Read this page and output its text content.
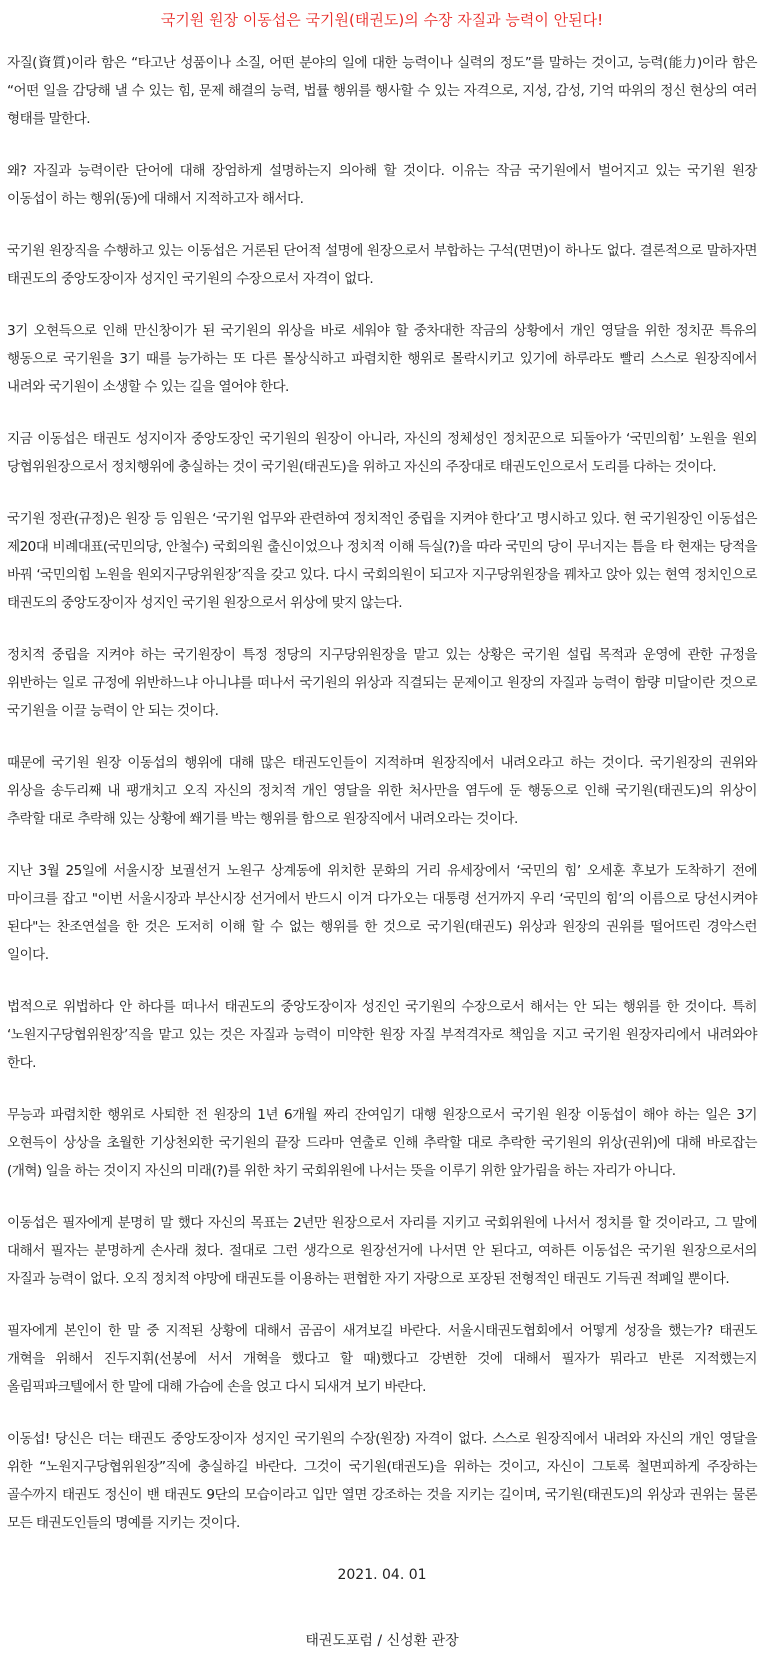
국기원 원장 이동섭은 국기원(태권도)의 수장 자질과 능력이 안된다!

자질(資質)이라 함은 “타고난 성품이나 소질, 어떤 분야의 일에 대한 능력이나 실력의 정도”를 말하는 것이고, 능력(能力)이라 함은 “어떤 일을 감당해 낼 수 있는 힘, 문제 해결의 능력, 법률 행위를 행사할 수 있는 자격으로, 지성, 감성, 기억 따위의 정신 현상의 여러 형태를 말한다.

왜? 자질과 능력이란 단어에 대해 장엄하게 설명하는지 의아해 할 것이다. 이유는 작금 국기원에서 벌어지고 있는 국기원 원장 이동섭이 하는 행위(동)에 대해서 지적하고자 해서다.

국기원 원장직을 수행하고 있는 이동섭은 거론된 단어적 설명에 원장으로서 부합하는 구석(면면)이 하나도 없다. 결론적으로 말하자면 태권도의 중앙도장이자 성지인 국기원의 수장으로서 자격이 없다.

3기 오현득으로 인해 만신창이가 된 국기원의 위상을 바로 세워야 할 중차대한 작금의 상황에서 개인 영달을 위한 정치꾼 특유의 행동으로 국기원을 3기 때를 능가하는 또 다른 몰상식하고 파렴치한 행위로 몰락시키고 있기에 하루라도 빨리 스스로 원장직에서 내려와 국기원이 소생할 수 있는 길을 열어야 한다.

지금 이동섭은 태권도 성지이자 중앙도장인 국기원의 원장이 아니라, 자신의 정체성인 정치꾼으로 되돌아가 ‘국민의힘’ 노원을 원외 당협위원장으로서 정치행위에 충실하는 것이 국기원(태권도)을 위하고 자신의 주장대로 태권도인으로서 도리를 다하는 것이다.

국기원 정관(규정)은 원장 등 임원은 ‘국기원 업무와 관련하여 정치적인 중립을 지켜야 한다’고 명시하고 있다. 현 국기원장인 이동섭은 제20대 비례대표(국민의당, 안철수) 국회의원 출신이었으나 정치적 이해 득실(?)을 따라 국민의 당이 무너지는 틈을 타 현재는 당적을 바꿔 ‘국민의힘 노원을 원외지구당위원장’직을 갖고 있다. 다시 국회의원이 되고자 지구당위원장을 꿰차고 앉아 있는 현역 정치인으로 태권도의 중앙도장이자 성지인 국기원 원장으로서 위상에 맞지 않는다.

정치적 중립을 지켜야 하는 국기원장이 특정 정당의 지구당위원장을 맡고 있는 상황은 국기원 설립 목적과 운영에 관한 규정을 위반하는 일로 규정에 위반하느냐 아니냐를 떠나서 국기원의 위상과 직결되는 문제이고 원장의 자질과 능력이 함량 미달이란 것으로 국기원을 이끌 능력이 안 되는 것이다.

때문에 국기원 원장 이동섭의 행위에 대해 많은 태권도인들이 지적하며 원장직에서 내려오라고 하는 것이다. 국기원장의 권위와 위상을 송두리째 내 팽개치고 오직 자신의 정치적 개인 영달을 위한 처사만을 염두에 둔 행동으로 인해 국기원(태권도)의 위상이 추락할 대로 추락해 있는 상황에 쐐기를 박는 행위를 함으로 원장직에서 내려오라는 것이다.

지난 3월 25일에 서울시장 보궐선거 노원구 상계동에 위치한 문화의 거리 유세장에서 ‘국민의 힘’ 오세훈 후보가 도착하기 전에 마이크를 잡고 "이번 서울시장과 부산시장 선거에서 반드시 이겨 다가오는 대통령 선거까지 우리 ‘국민의 힘’의 이름으로 당선시켜야 된다"는 찬조연설을 한 것은 도저히 이해 할 수 없는 행위를 한 것으로 국기원(태권도) 위상과 원장의 권위를 떨어뜨린 경악스런 일이다.

법적으로 위법하다 안 하다를 떠나서 태권도의 중앙도장이자 성진인 국기원의 수장으로서 해서는 안 되는 행위를 한 것이다. 특히 ‘노원지구당협위원장’직을 맡고 있는 것은 자질과 능력이 미약한 원장 자질 부적격자로 책임을 지고 국기원 원장자리에서 내려와야 한다.

무능과 파렴치한 행위로 사퇴한 전 원장의 1년 6개월 짜리 잔여임기 대행 원장으로서 국기원 원장 이동섭이 해야 하는 일은 3기 오현득이 상상을 초월한 기상천외한 국기원의 끝장 드라마 연출로 인해 추락할 대로 추락한 국기원의 위상(권위)에 대해 바로잡는(개혁) 일을 하는 것이지 자신의 미래(?)를 위한 차기 국회위원에 나서는 뜻을 이루기 위한 앞가림을 하는 자리가 아니다.

이동섭은 필자에게 분명히 말 했다 자신의 목표는 2년만 원장으로서 자리를 지키고 국회위원에 나서서 정치를 할 것이라고, 그 말에 대해서 필자는 분명하게 손사래 쳤다. 절대로 그런 생각으로 원장선거에 나서면 안 된다고, 여하튼 이동섭은 국기원 원장으로서의 자질과 능력이 없다. 오직 정치적 야망에 태권도를 이용하는 편협한 자기 자랑으로 포장된 전형적인 태권도 기득권 적폐일 뿐이다.

필자에게 본인이 한 말 중 지적된 상황에 대해서 곰곰이 새겨보길 바란다. 서울시태권도협회에서 어떻게 성장을 했는가? 태권도 개혁을 위해서 진두지휘(선봉에 서서 개혁을 했다고 할 때)했다고 강변한 것에 대해서 필자가 뭐라고 반론 지적했는지 올림픽파크텔에서 한 말에 대해 가슴에 손을 얹고 다시 되새겨 보기 바란다.

이동섭! 당신은 더는 태권도 중앙도장이자 성지인 국기원의 수장(원장) 자격이 없다. 스스로 원장직에서 내려와 자신의 개인 영달을 위한 “노원지구당협위원장”직에 충실하길 바란다. 그것이 국기원(태권도)을 위하는 것이고, 자신이 그토록 철면피하게 주장하는 골수까지 태권도 정신이 밴 태권도 9단의 모습이라고 입만 열면 강조하는 것을 지키는 길이며, 국기원(태권도)의 위상과 권위는 물론 모든 태권도인들의 명예를 지키는 것이다.

2021. 04. 01

태권도포럼 / 신성환 관장
